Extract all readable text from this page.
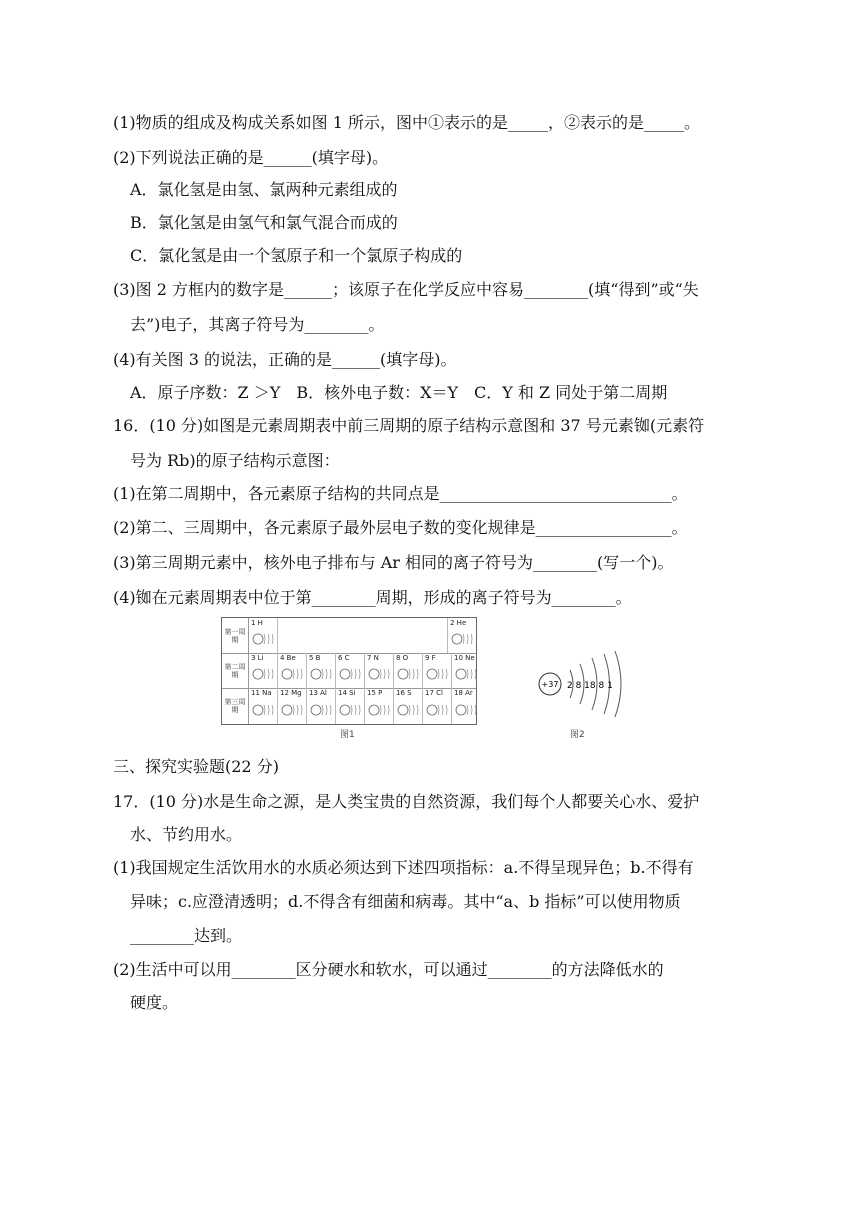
(1)物质的组成及构成关系如图 1 所示，图中①表示的是_____，②表示的是_____。
(2)下列说法正确的是______(填字母)。
A．氯化氢是由氢、氯两种元素组成的
B．氯化氢是由氢气和氯气混合而成的
C．氯化氢是由一个氢原子和一个氯原子构成的
(3)图 2 方框内的数字是______；该原子在化学反应中容易________(填“得到”或“失
去”)电子，其离子符号为________。
(4)有关图 3 的说法，正确的是______(填字母)。
A．原子序数：Z ＞Y　B．核外电子数：X＝Y　C．Y 和 Z 同处于第二周期
16．(10 分)如图是元素周期表中前三周期的原子结构示意图和 37 号元素铷(元素符
号为 Rb)的原子结构示意图：
(1)在第二周期中，各元素原子结构的共同点是_____________________________。
(2)第二、三周期中，各元素原子最外层电子数的变化规律是_________________。
(3)第三周期元素中，核外电子排布与 Ar 相同的离子符号为________(写一个)。
(4)铷在元素周期表中位于第________周期，形成的离子符号为________。
第一周期
1 H	2 He
第二周期
3 Li 4 Be 5 B	6 C 7 N 8 O 9 F	10 Ne
第三周期
11 Na 12 Mg 13 Al 14 Si 15 P 16 S 17 Cl 18 Ar
图1
+37 2 8 18 8 1
图2
三、探究实验题(22 分)
17．(10 分)水是生命之源，是人类宝贵的自然资源，我们每个人都要关心水、爱护
水、节约用水。
(1)我国规定生活饮用水的水质必须达到下述四项指标：a.不得呈现异色；b.不得有
异味；c.应澄清透明；d.不得含有细菌和病毒。其中“a、b 指标”可以使用物质
________达到。
(2)生活中可以用________区分硬水和软水，可以通过________的方法降低水的
硬度。
